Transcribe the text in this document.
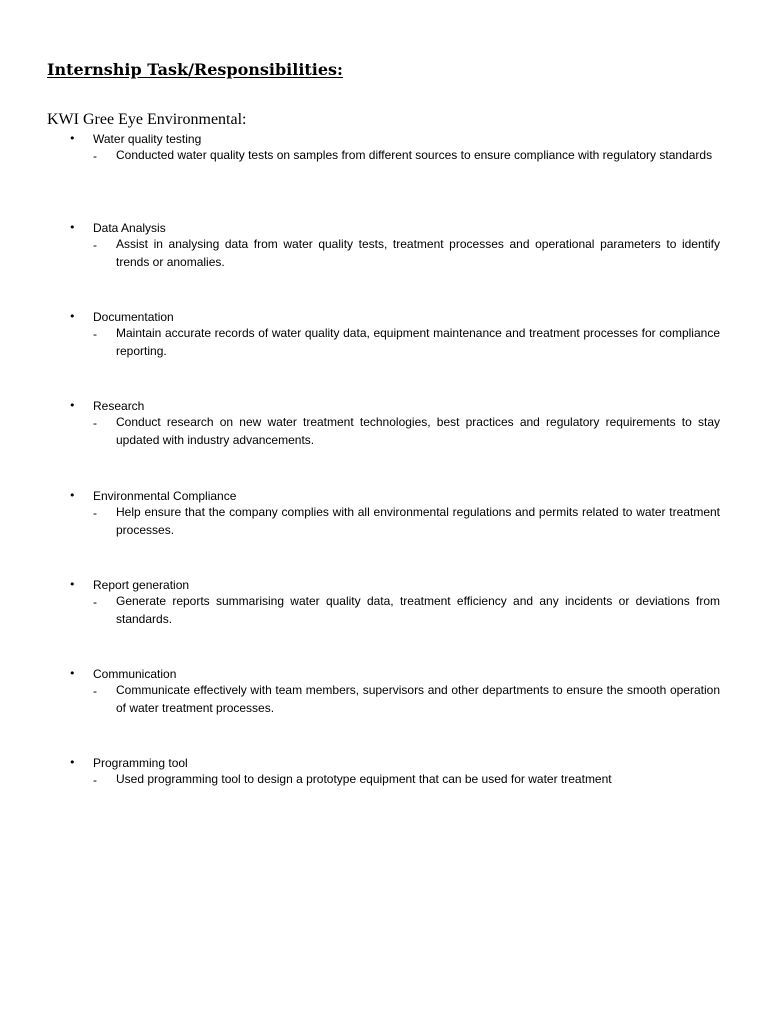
Internship Task/Responsibilities:
KWI Gree Eye Environmental:
• Water quality testing
- Conducted water quality tests on samples from different sources to ensure compliance with regulatory standards

• Data Analysis
- Assist in analysing data from water quality tests, treatment processes and operational parameters to identify trends or anomalies.

• Documentation
- Maintain accurate records of water quality data, equipment maintenance and treatment processes for compliance reporting.

• Research
- Conduct research on new water treatment technologies, best practices and regulatory requirements to stay updated with industry advancements.

• Environmental Compliance
- Help ensure that the company complies with all environmental regulations and permits related to water treatment processes.

• Report generation
- Generate reports summarising water quality data, treatment efficiency and any incidents or deviations from standards.

• Communication
- Communicate effectively with team members, supervisors and other departments to ensure the smooth operation of water treatment processes.

• Programming tool
- Used programming tool to design a prototype equipment that can be used for water treatment
